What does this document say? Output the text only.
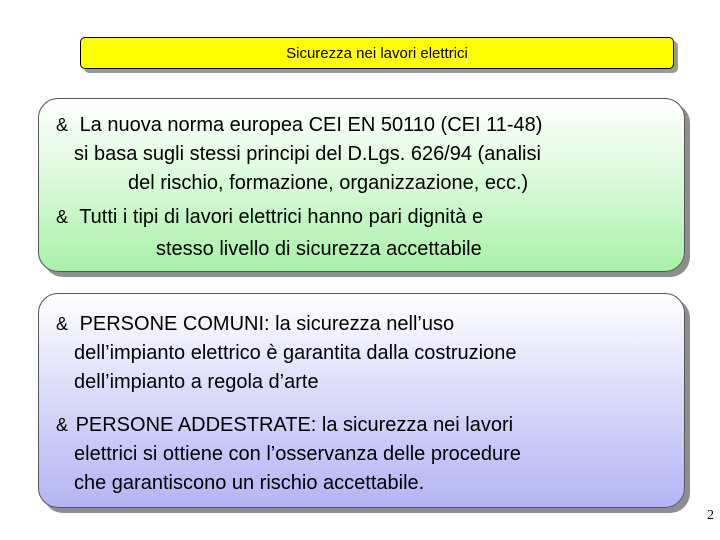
Sicurezza nei lavori elettrici
& La nuova norma europea CEI EN 50110 (CEI 11-48)
si basa sugli stessi principi del D.Lgs. 626/94 (analisi
del rischio, formazione, organizzazione, ecc.)
& Tutti i tipi di lavori elettrici hanno pari dignità e
stesso livello di sicurezza accettabile
& PERSONE COMUNI: la sicurezza nell’uso
dell’impianto elettrico è garantita dalla costruzione
dell’impianto a regola d’arte
& PERSONE ADDESTRATE: la sicurezza nei lavori
elettrici si ottiene con l’osservanza delle procedure
che garantiscono un rischio accettabile.
2
